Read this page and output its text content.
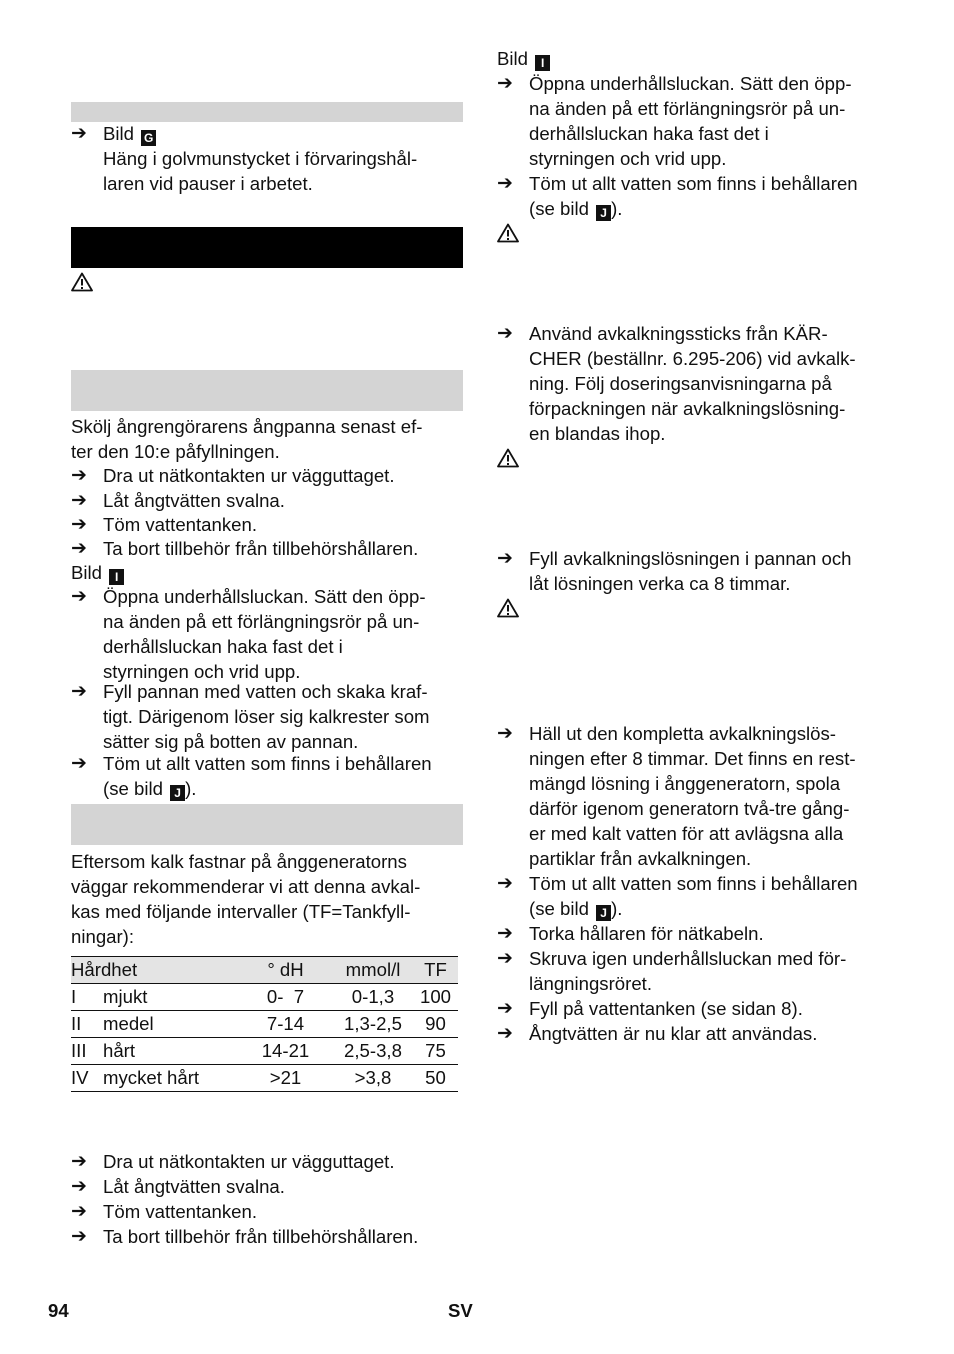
➔ Bild G
Häng i golvmunstycket i förvaringshål-
laren vid pauser i arbetet.
Skölj ångrengörarens ångpanna senast ef-
ter den 10:e påfyllningen.
➔ Dra ut nätkontakten ur vägguttaget.
➔ Låt ångtvätten svalna.
➔ Töm vattentanken.
➔ Ta bort tillbehör från tillbehörshållaren.
Bild I
➔ Öppna underhållsluckan. Sätt den öpp-
na änden på ett förlängningsrör på un-
derhållsluckan haka fast det i
styrningen och vrid upp.
➔ Fyll pannan med vatten och skaka kraf-
tigt. Därigenom löser sig kalkrester som
sätter sig på botten av pannan.
➔ Töm ut allt vatten som finns i behållaren
(se bild J ).
Eftersom kalk fastnar på ånggeneratorns
väggar rekommenderar vi att denna avkal-
kas med följande intervaller (TF=Tankfyll-
ningar):
Hårdhet		° dH	mmol/l	TF
I	mjukt	0-  7	0-1,3	100
II	medel	7-14	1,3-2,5	90
III	hårt	14-21	2,5-3,8	75
IV	mycket hårt	>21	>3,8	50
➔ Dra ut nätkontakten ur vägguttaget.
➔ Låt ångtvätten svalna.
➔ Töm vattentanken.
➔ Ta bort tillbehör från tillbehörshållaren.
Bild I
➔ Öppna underhållsluckan. Sätt den öpp-
na änden på ett förlängningsrör på un-
derhållsluckan haka fast det i
styrningen och vrid upp.
➔ Töm ut allt vatten som finns i behållaren
(se bild J ).
➔ Använd avkalkningssticks från KÄR-
CHER (beställnr. 6.295-206) vid avkalk-
ning. Följ doseringsanvisningarna på
förpackningen när avkalkningslösning-
en blandas ihop.
➔ Fyll avkalkningslösningen i pannan och
låt lösningen verka ca 8 timmar.
➔ Häll ut den kompletta avkalkningslös-
ningen efter 8 timmar. Det finns en rest-
mängd lösning i ånggeneratorn, spola
därför igenom generatorn två-tre gång-
er med kalt vatten för att avlägsna alla
partiklar från avkalkningen.
➔ Töm ut allt vatten som finns i behållaren
(se bild J ).
➔ Torka hållaren för nätkabeln.
➔ Skruva igen underhållsluckan med för-
längningsröret.
➔ Fyll på vattentanken (se sidan 8).
➔ Ångtvätten är nu klar att användas.
94	SV
